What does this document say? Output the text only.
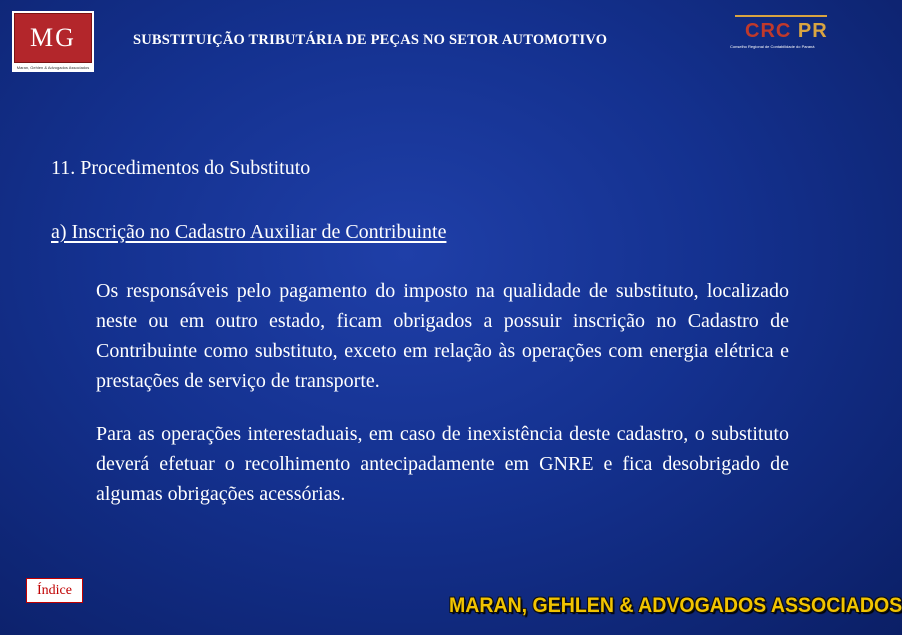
MG
Maran, Gehlen & Advogados Associados
SUBSTITUIÇÃO TRIBUTÁRIA DE PEÇAS NO SETOR AUTOMOTIVO	CRC PR
Conselho Regional de Contabilidade do Paraná
11. Procedimentos do Substituto
a) Inscrição no Cadastro Auxiliar de Contribuinte
Os responsáveis pelo pagamento do imposto na qualidade de substituto, localizado neste ou em outro estado, ficam obrigados a possuir inscrição no Cadastro de Contribuinte como substituto, exceto em relação às operações com energia elétrica e prestações de serviço de transporte.
Para as operações interestaduais, em caso de inexistência deste cadastro, o substituto deverá efetuar o recolhimento antecipadamente em GNRE e fica desobrigado de algumas obrigações acessórias.
Índice
MARAN, GEHLEN & ADVOGADOS ASSOCIADOS
